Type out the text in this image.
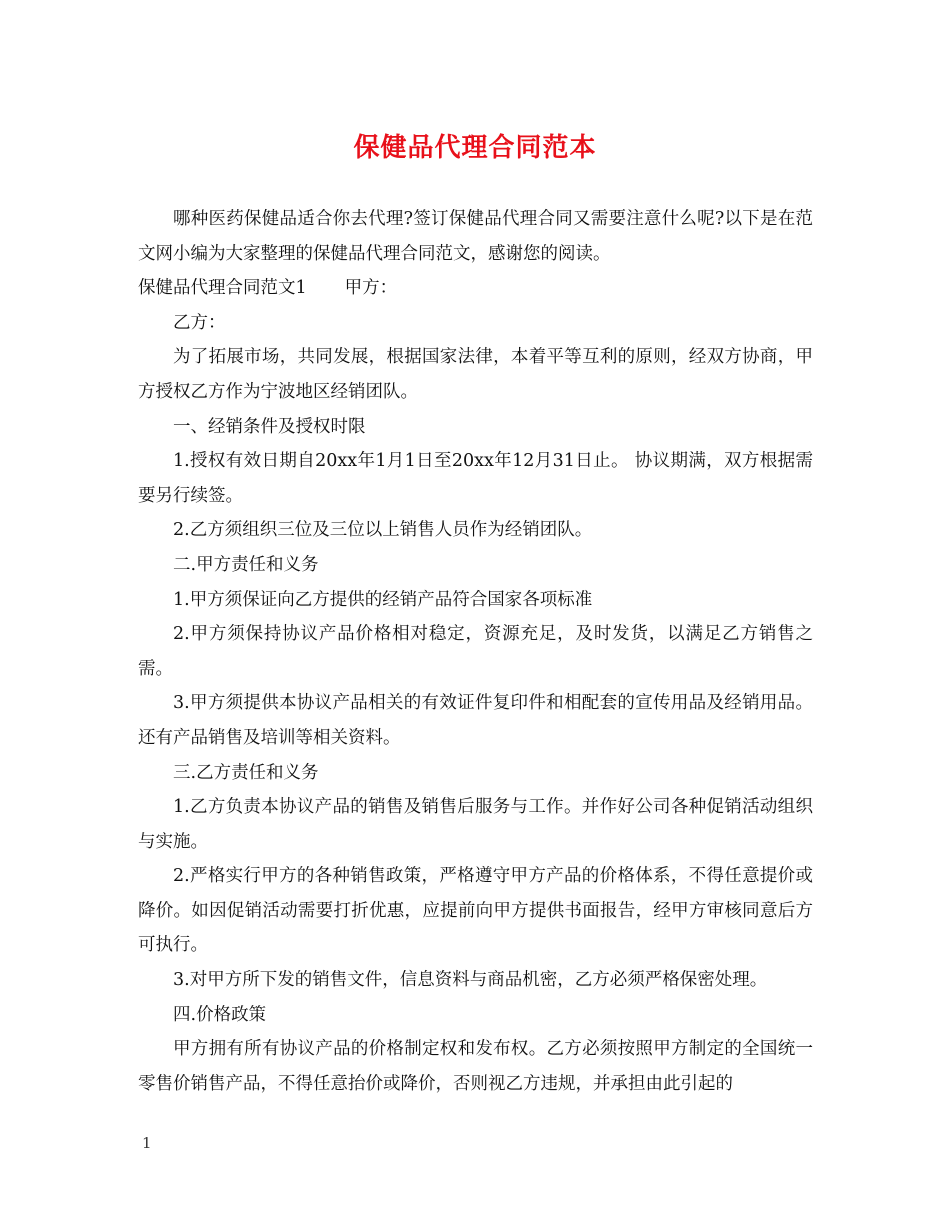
保健品代理合同范本

哪种医药保健品适合你去代理?签订保健品代理合同又需要注意什么呢?以下是在范文网小编为大家整理的保健品代理合同范文，感谢您的阅读。

保健品代理合同范文1 甲方：

乙方：

为了拓展市场，共同发展，根据国家法律，本着平等互利的原则，经双方协商，甲方授权乙方作为宁波地区经销团队。

一、经销条件及授权时限

1.授权有效日期自20xx年1月1日至20xx年12月31日止。 协议期满，双方根据需要另行续签。

2.乙方须组织三位及三位以上销售人员作为经销团队。

二.甲方责任和义务

1.甲方须保证向乙方提供的经销产品符合国家各项标准

2.甲方须保持协议产品价格相对稳定，资源充足，及时发货，以满足乙方销售之需。

3.甲方须提供本协议产品相关的有效证件复印件和相配套的宣传用品及经销用品。还有产品销售及培训等相关资料。

三.乙方责任和义务

1.乙方负责本协议产品的销售及销售后服务与工作。并作好公司各种促销活动组织与实施。

2.严格实行甲方的各种销售政策，严格遵守甲方产品的价格体系，不得任意提价或降价。如因促销活动需要打折优惠，应提前向甲方提供书面报告，经甲方审核同意后方可执行。

3.对甲方所下发的销售文件，信息资料与商品机密，乙方必须严格保密处理。

四.价格政策

甲方拥有所有协议产品的价格制定权和发布权。乙方必须按照甲方制定的全国统一零售价销售产品，不得任意抬价或降价，否则视乙方违规，并承担由此引起的

1
